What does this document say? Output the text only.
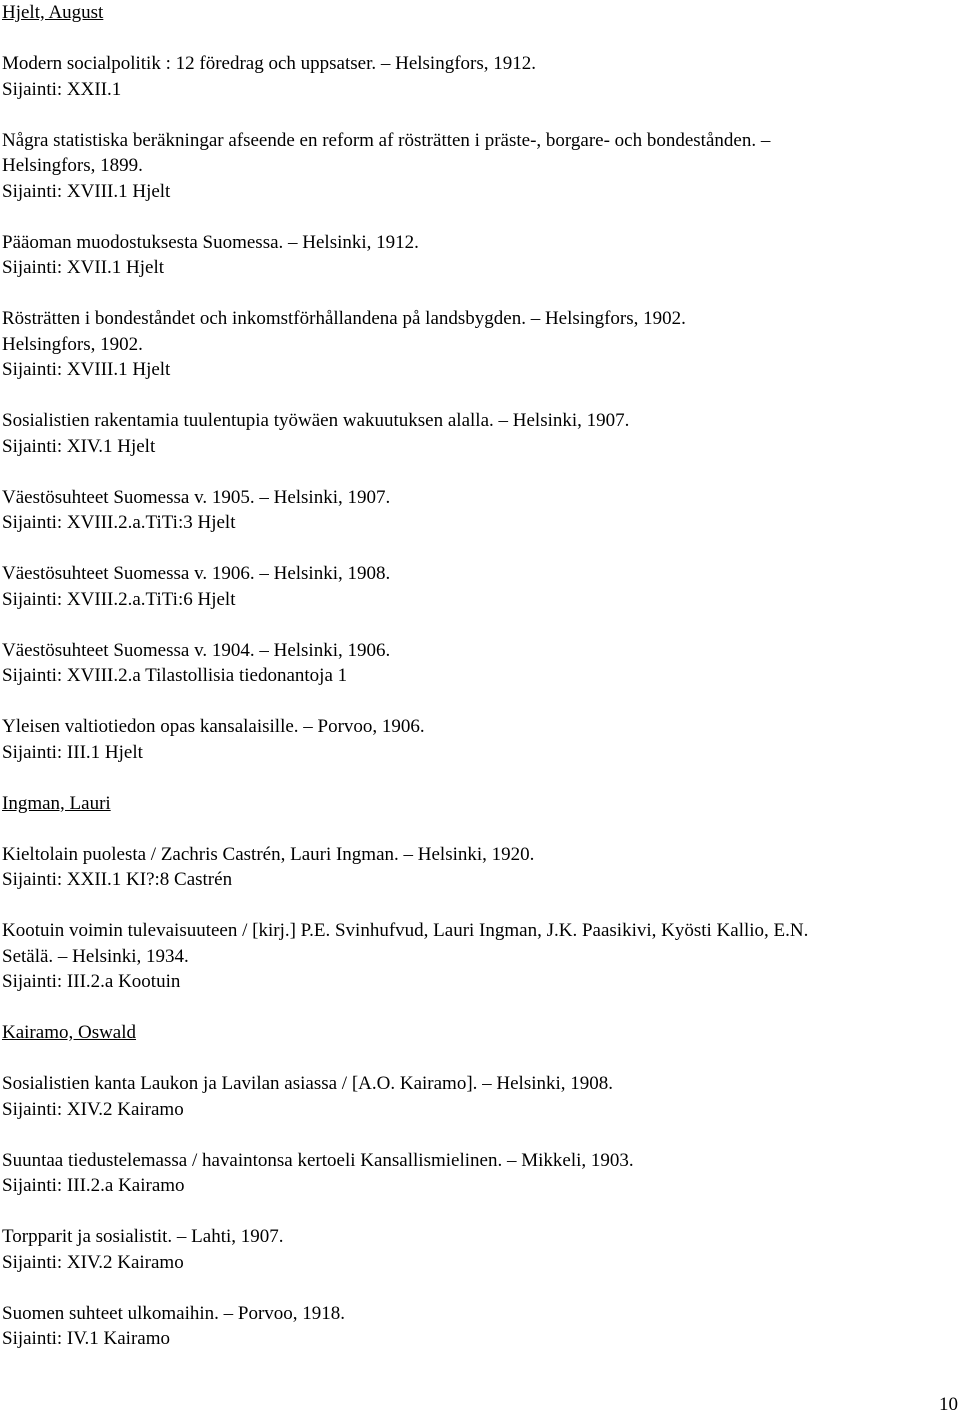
Hjelt, August
Modern socialpolitik : 12 föredrag och uppsatser. – Helsingfors, 1912.
Sijainti: XXII.1
Några statistiska beräkningar afseende en reform af rösträtten i präste-, borgare- och bondestånden. –
Helsingfors, 1899.
Sijainti: XVIII.1 Hjelt
Pääoman muodostuksesta Suomessa. – Helsinki, 1912.
Sijainti: XVII.1 Hjelt
Rösträtten i bondeståndet och inkomstförhållandena på landsbygden. – Helsingfors, 1902.
Helsingfors, 1902.
Sijainti: XVIII.1 Hjelt
Sosialistien rakentamia tuulentupia työwäen wakuutuksen alalla. – Helsinki, 1907.
Sijainti: XIV.1 Hjelt
Väestösuhteet Suomessa v. 1905. – Helsinki, 1907.
Sijainti: XVIII.2.a.TiTi:3 Hjelt
Väestösuhteet Suomessa v. 1906. – Helsinki, 1908.
Sijainti: XVIII.2.a.TiTi:6 Hjelt
Väestösuhteet Suomessa v. 1904. – Helsinki, 1906.
Sijainti: XVIII.2.a Tilastollisia tiedonantoja 1
Yleisen valtiotiedon opas kansalaisille. – Porvoo, 1906.
Sijainti: III.1 Hjelt
Ingman, Lauri
Kieltolain puolesta / Zachris Castrén, Lauri Ingman. – Helsinki, 1920.
Sijainti: XXII.1 KI?:8 Castrén
Kootuin voimin tulevaisuuteen / [kirj.] P.E. Svinhufvud, Lauri Ingman, J.K. Paasikivi, Kyösti Kallio, E.N.
Setälä. – Helsinki, 1934.
Sijainti: III.2.a Kootuin
Kairamo, Oswald
Sosialistien kanta Laukon ja Lavilan asiassa / [A.O. Kairamo]. – Helsinki, 1908.
Sijainti: XIV.2 Kairamo
Suuntaa tiedustelemassa / havaintonsa kertoeli Kansallismielinen. – Mikkeli, 1903.
Sijainti: III.2.a Kairamo
Torpparit ja sosialistit. – Lahti, 1907.
Sijainti: XIV.2 Kairamo
Suomen suhteet ulkomaihin. – Porvoo, 1918.
Sijainti: IV.1 Kairamo
10
